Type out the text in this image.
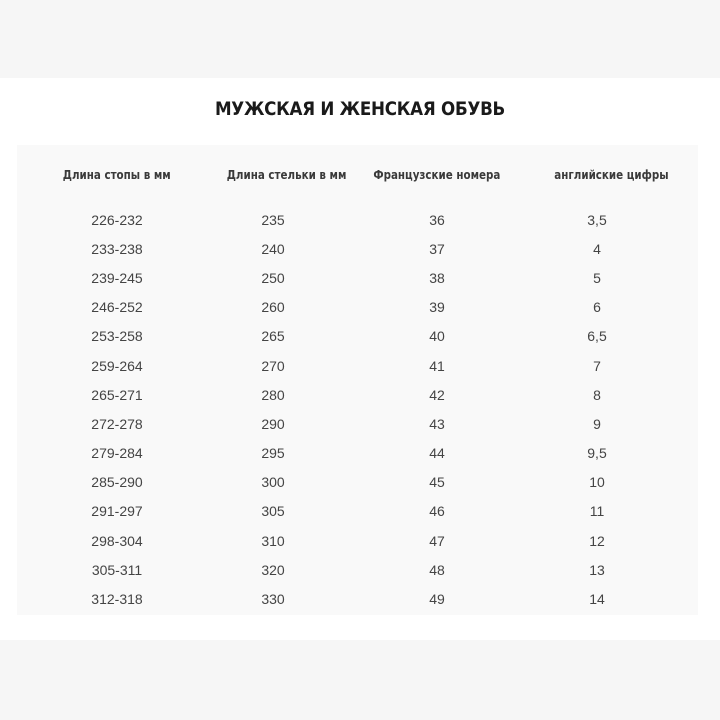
МУЖСКАЯ И ЖЕНСКАЯ ОБУВЬ
Длина стопы в мм	Длина стельки в мм	Французские номера	английские цифры	
226-232	235	36	3,5	
233-238	240	37	4	
239-245	250	38	5	
246-252	260	39	6	
253-258	265	40	6,5	
259-264	270	41	7	
265-271	280	42	8	
272-278	290	43	9	
279-284	295	44	9,5	
285-290	300	45	10	
291-297	305	46	11	
298-304	310	47	12	
305-311	320	48	13	
312-318	330	49	14	
